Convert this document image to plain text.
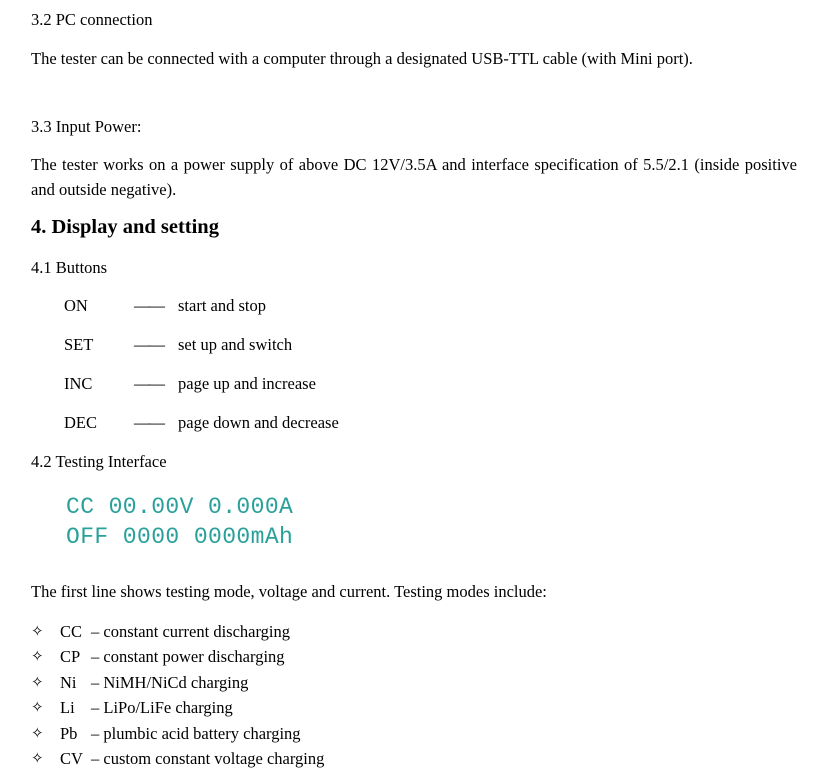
3.2 PC connection
The tester can be connected with a computer through a designated USB-TTL cable (with Mini port).
3.3 Input Power:
The tester works on a power supply of above DC 12V/3.5A and interface specification of 5.5/2.1 (inside positive and outside negative).
4. Display and setting
4.1 Buttons
ON	—— start and stop
SET	—— set up and switch
INC	—— page up and increase
DEC	—— page down and decrease
4.2 Testing Interface
CC 00.00V 0.000A
OFF 0000 0000mAh
The first line shows testing mode, voltage and current. Testing modes include:
✧ CC – constant current discharging
✧ CP – constant power discharging
✧ Ni – NiMH/NiCd charging
✧ Li – LiPo/LiFe charging
✧ Pb – plumbic acid battery charging
✧ CV – custom constant voltage charging
